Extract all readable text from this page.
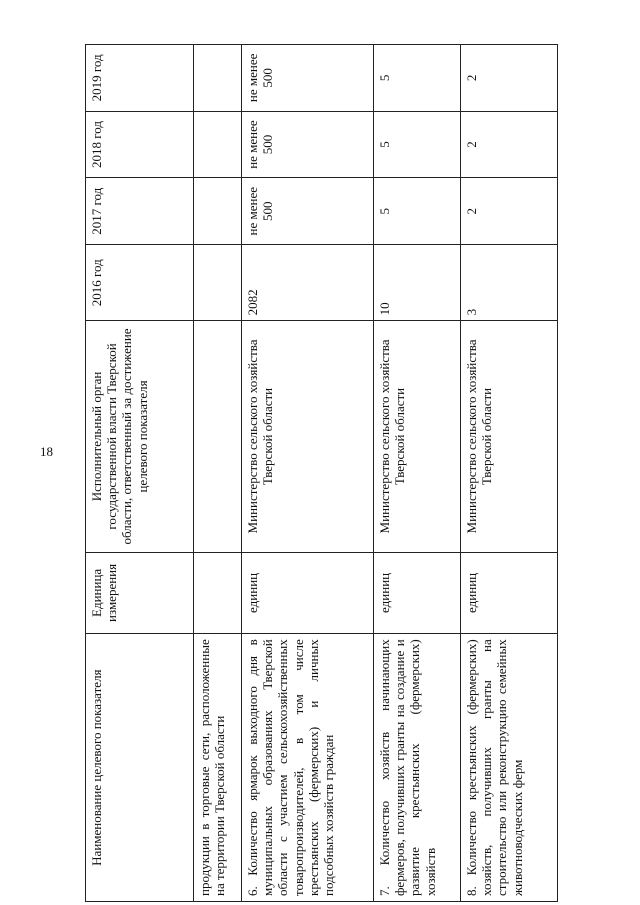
18
Наименование целевого показателя	Единица измерения	Исполнительный орган государственной власти Тверской области, ответственный за достижение целевого показателя	2016 год	2017 год	2018 год	2019 год
продукции в торговые сети, расположенные на территории Тверской области						
6. Количество ярмарок выходного дня в муниципальных образованиях Тверской области с участием сельскохозяйственных товаропроизводителей, в том числе крестьянских (фермерских) и личных подсобных хозяйств граждан	единиц	Министерство сельского хозяйства Тверской области	2082	не менее 500	не менее 500	не менее 500
7. Количество хозяйств начинающих фермеров, получивших гранты на создание и развитие крестьянских (фермерских) хозяйств	единиц	Министерство сельского хозяйства Тверской области	10	5	5	5
8. Количество крестьянских (фермерских) хозяйств, получивших гранты на строительство или реконструкцию семейных животноводческих ферм	единиц	Министерство сельского хозяйства Тверской области	3	2	2	2
